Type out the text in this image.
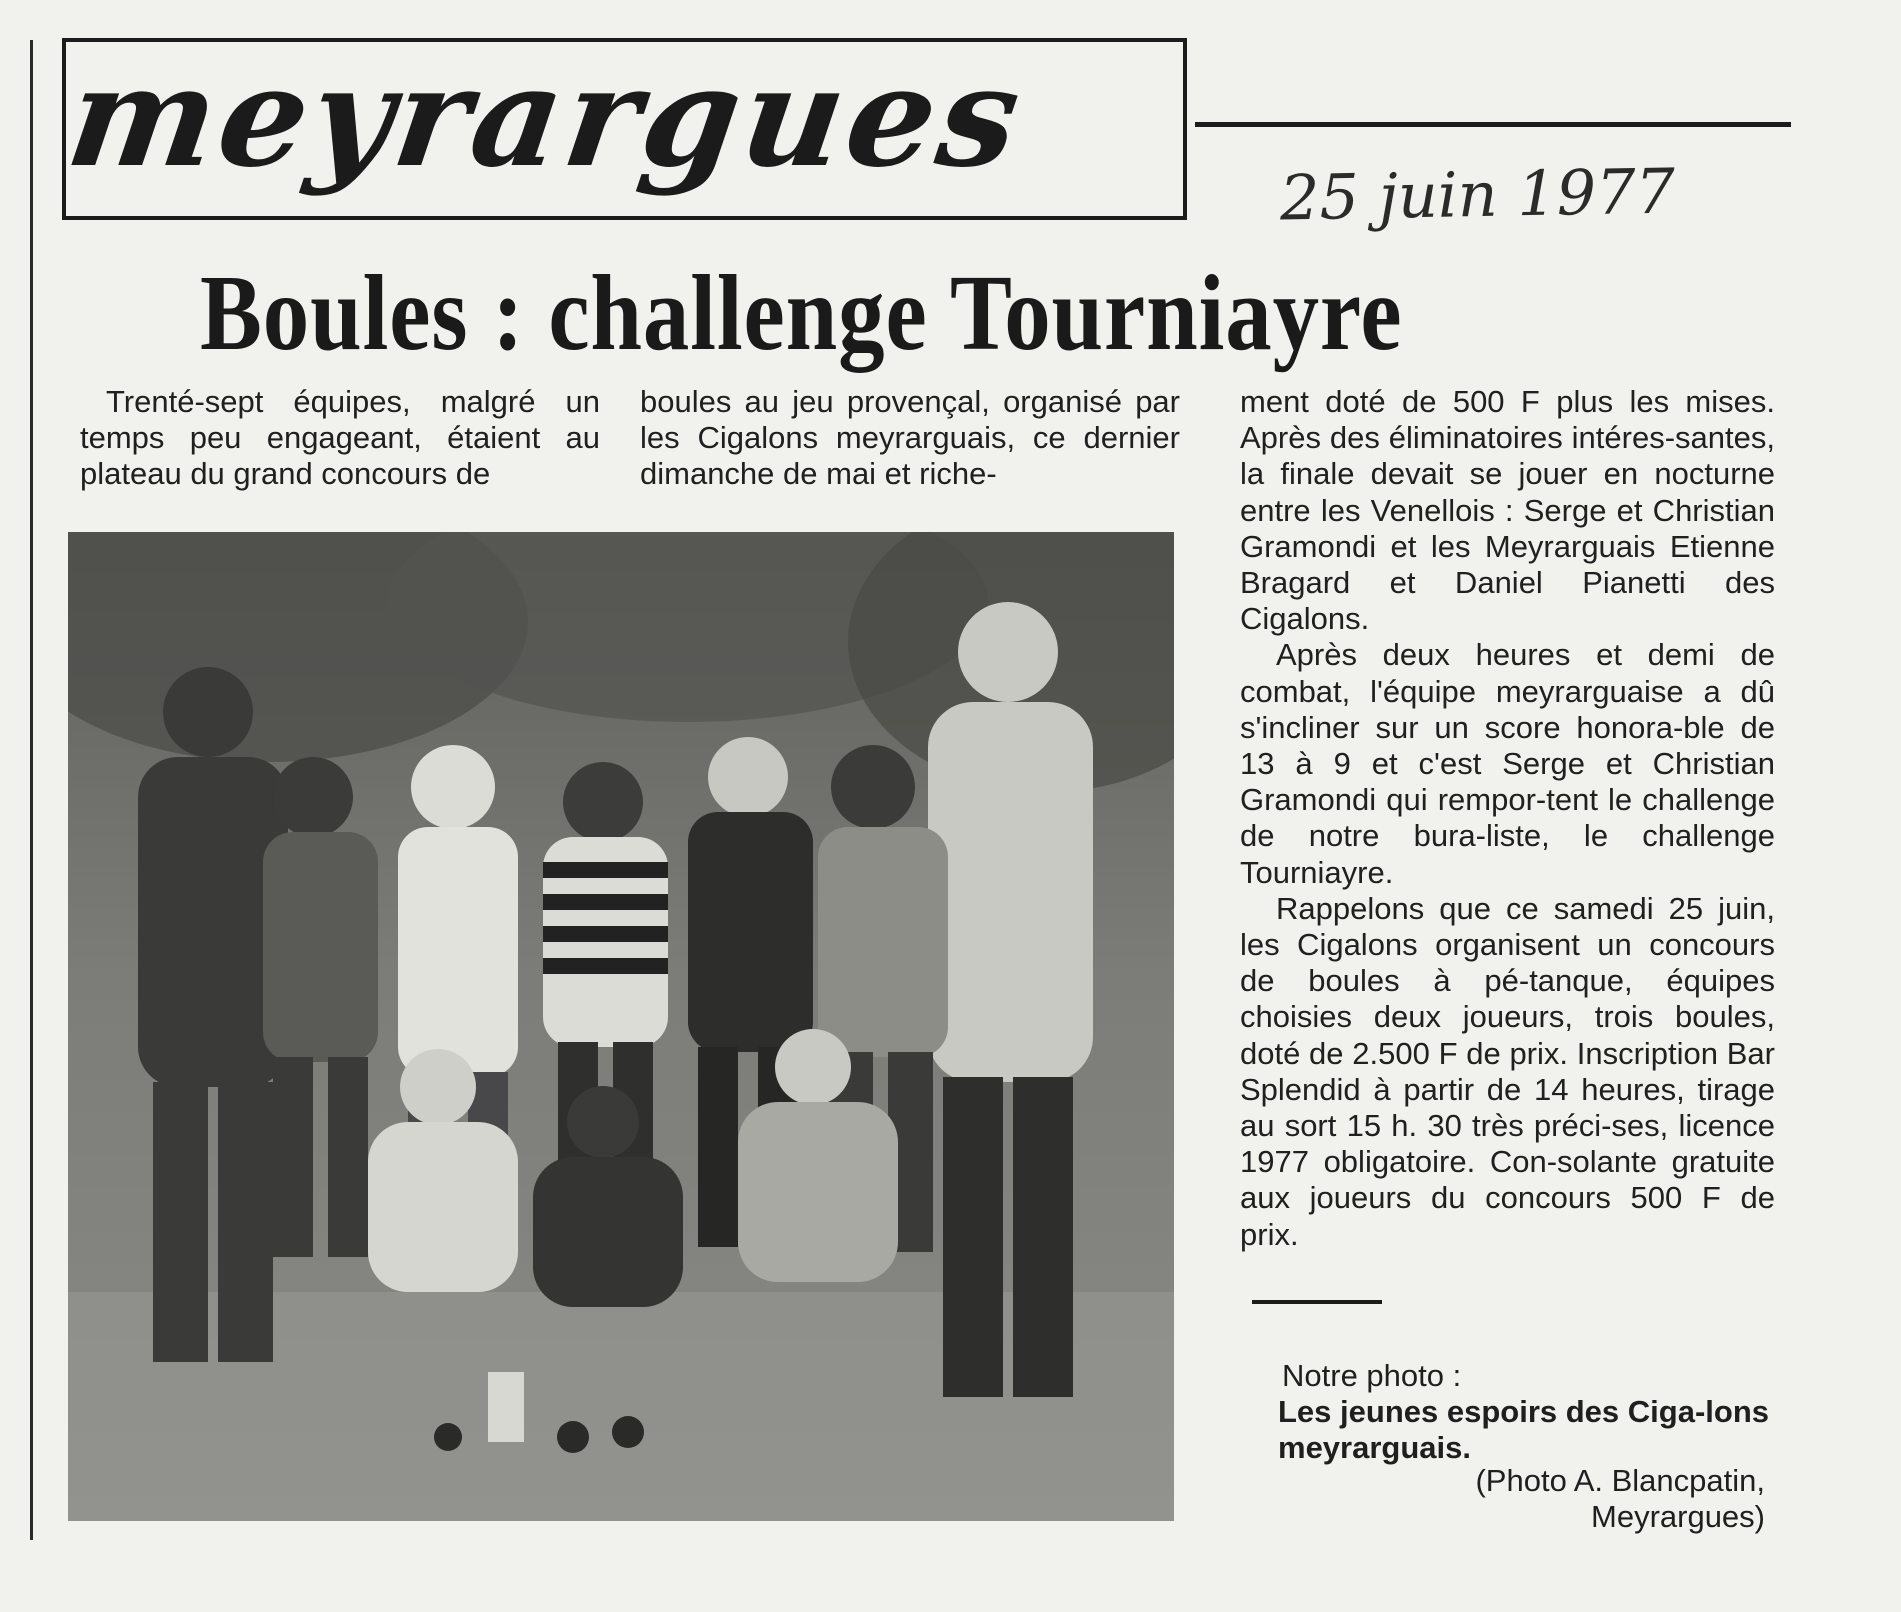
meyrargues	25 juin 1977
Boules : challenge Tourniayre

Trenté-sept équipes, malgré un temps peu engageant, étaient au plateau du grand concours de

boules au jeu provençal, organisé par les Cigalons meyrarguais, ce dernier dimanche de mai et riche-

ment doté de 500 F plus les mises. Après des éliminatoires intéres-santes, la finale devait se jouer en nocturne entre les Venellois : Serge et Christian Gramondi et les Meyrarguais Etienne Bragard et Daniel Pianetti des Cigalons.

Après deux heures et demi de combat, l'équipe meyrarguaise a dû s'incliner sur un score honora-ble de 13 à 9 et c'est Serge et Christian Gramondi qui rempor-tent le challenge de notre bura-liste, le challenge Tourniayre.

Rappelons que ce samedi 25 juin, les Cigalons organisent un concours de boules à pé-tanque, équipes choisies deux joueurs, trois boules, doté de 2.500 F de prix. Inscription Bar Splendid à partir de 14 heures, tirage au sort 15 h. 30 très préci-ses, licence 1977 obligatoire. Con-solante gratuite aux joueurs du concours 500 F de prix.

Notre photo :
Les jeunes espoirs des Ciga-lons meyrarguais.
(Photo A. Blancpatin,
Meyrargues)
